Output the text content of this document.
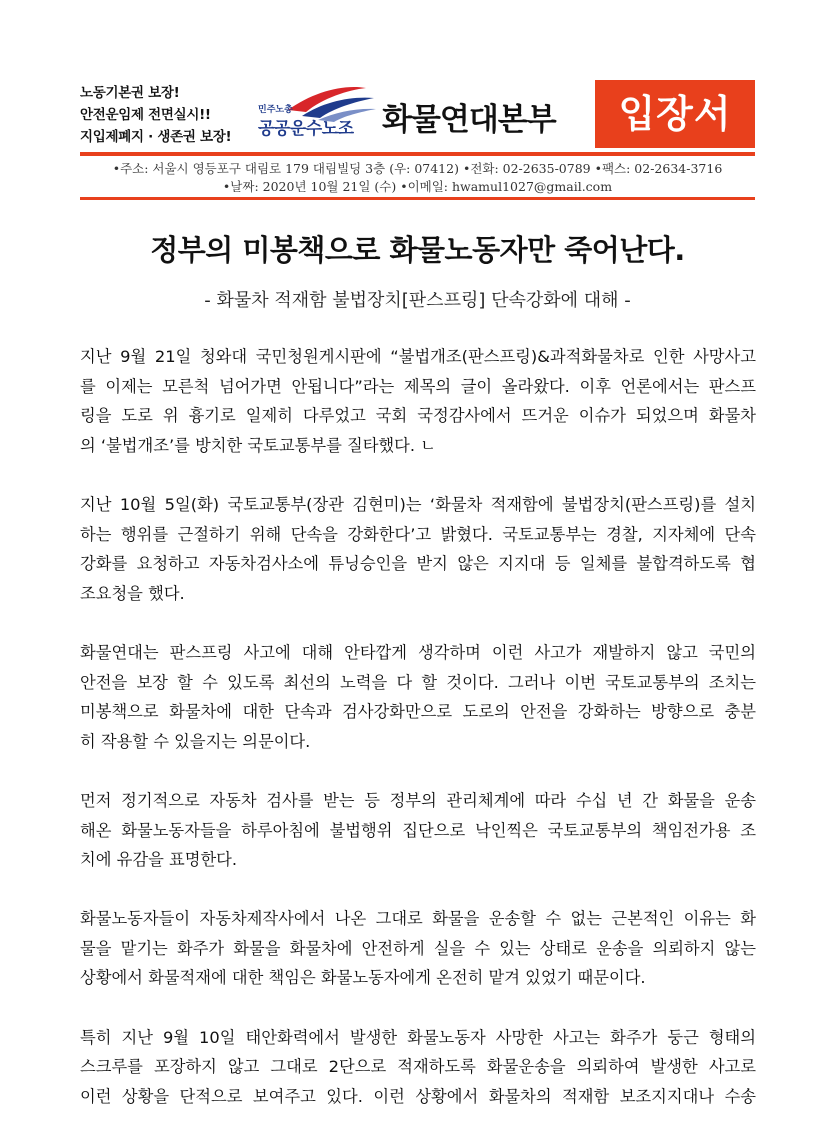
노동기본권 보장!
안전운임제 전면실시!!
지입제폐지 · 생존권 보장!
민주노총
공공운수노조 화물연대본부	입장서
•주소: 서울시 영등포구 대림로 179 대림빌딩 3층 (우: 07412) •전화: 02-2635-0789 •팩스: 02-2634-3716
•날짜: 2020년 10월 21일 (수) •이메일: hwamul1027@gmail.com
정부의 미봉책으로 화물노동자만 죽어난다.
- 화물차 적재함 불법장치[판스프링] 단속강화에 대해 -
지난 9월 21일 청와대 국민청원게시판에 “불법개조(판스프링)&과적화물차로 인한 사망사고
를 이제는 모른척 넘어가면 안됩니다”라는 제목의 글이 올라왔다. 이후 언론에서는 판스프
링을 도로 위 흉기로 일제히 다루었고 국회 국정감사에서 뜨거운 이슈가 되었으며 화물차
의 ‘불법개조’를 방치한 국토교통부를 질타했다. ㄴ
지난 10월 5일(화) 국토교통부(장관 김현미)는 ‘화물차 적재함에 불법장치(판스프링)를 설치
하는 행위를 근절하기 위해 단속을 강화한다’고 밝혔다. 국토교통부는 경찰, 지자체에 단속
강화를 요청하고 자동차검사소에 튜닝승인을 받지 않은 지지대 등 일체를 불합격하도록 협
조요청을 했다.
화물연대는 판스프링 사고에 대해 안타깝게 생각하며 이런 사고가 재발하지 않고 국민의
안전을 보장 할 수 있도록 최선의 노력을 다 할 것이다. 그러나 이번 국토교통부의 조치는
미봉책으로 화물차에 대한 단속과 검사강화만으로 도로의 안전을 강화하는 방향으로 충분
히 작용할 수 있을지는 의문이다.
먼저 정기적으로 자동차 검사를 받는 등 정부의 관리체계에 따라 수십 년 간 화물을 운송
해온 화물노동자들을 하루아침에 불법행위 집단으로 낙인찍은 국토교통부의 책임전가용 조
치에 유감을 표명한다.
화물노동자들이 자동차제작사에서 나온 그대로 화물을 운송할 수 없는 근본적인 이유는 화
물을 맡기는 화주가 화물을 화물차에 안전하게 실을 수 있는 상태로 운송을 의뢰하지 않는
상황에서 화물적재에 대한 책임은 화물노동자에게 온전히 맡겨 있었기 때문이다.
특히 지난 9월 10일 태안화력에서 발생한 화물노동자 사망한 사고는 화주가 둥근 형태의
스크루를 포장하지 않고 그대로 2단으로 적재하도록 화물운송을 의뢰하여 발생한 사고로
이런 상황을 단적으로 보여주고 있다. 이런 상황에서 화물차의 적재함 보조지지대나 수송
